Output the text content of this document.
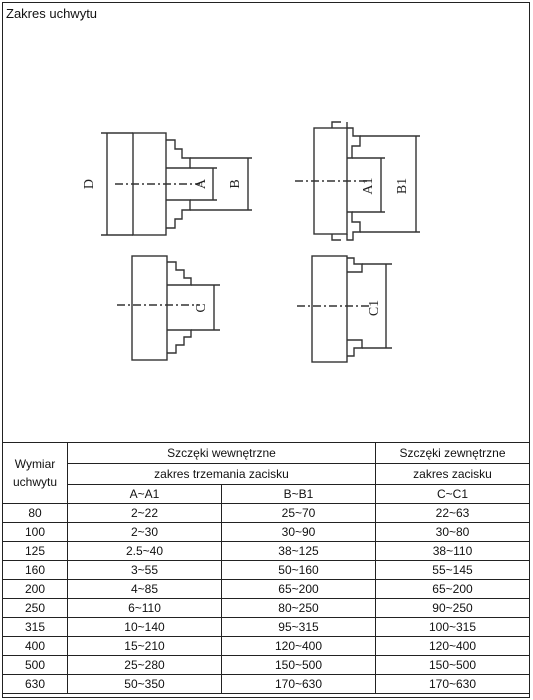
Zakres uchwytu
D	A B	A1 B1
C	C1
Wymiar uchwytu	Szczęki wewnętrzne		Szczęki zewnętrzne
	zakres trzemania zacisku		zakres zacisku
	A~A1	B~B1	C~C1
80	2~22	25~70	22~63
100	2~30	30~90	30~80
125	2.5~40	38~125	38~110
160	3~55	50~160	55~145
200	4~85	65~200	65~200
250	6~110	80~250	90~250
315	10~140	95~315	100~315
400	15~210	120~400	120~400
500	25~280	150~500	150~500
630	50~350	170~630	170~630
